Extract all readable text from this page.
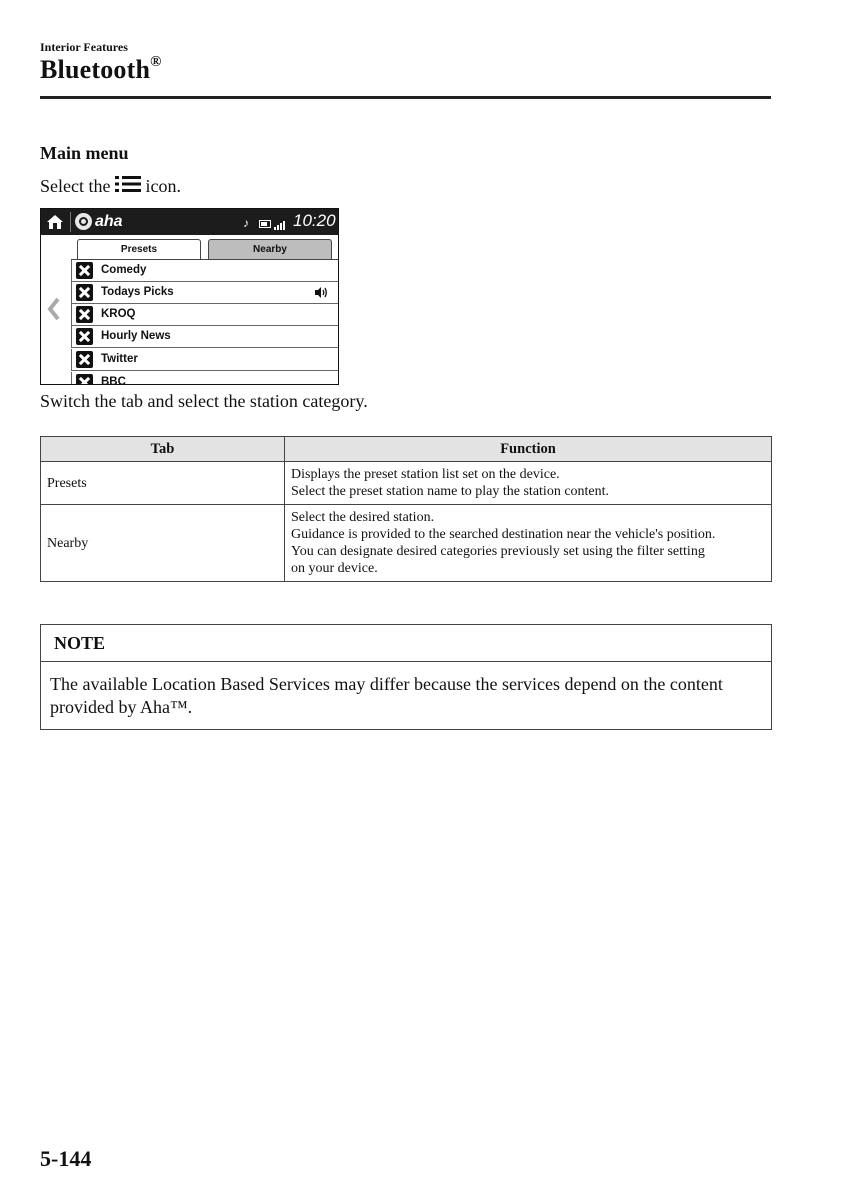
Interior Features
Bluetooth®
Main menu
Select the icon.
aha	♪	10:20
Presets	Nearby
Comedy
Todays Picks
KROQ
Hourly News
Twitter
BBC
Switch the tab and select the station category.
Tab	Function
Presets	Displays the preset station list set on the device.
Select the preset station name to play the station content.

Nearby	Select the desired station.
Guidance is provided to the searched destination near the vehicle's position.
You can designate desired categories previously set using the filter setting
on your device.
NOTE
The available Location Based Services may differ because the services depend on the content provided by Aha™.
5-144
